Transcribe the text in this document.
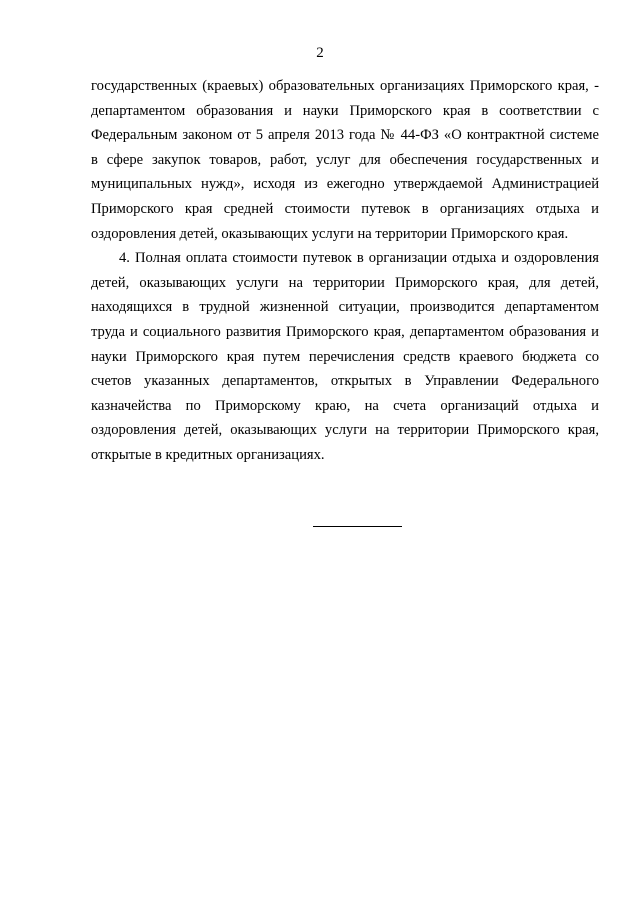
2
государственных (краевых) образовательных организациях Приморского края, -
департаментом образования и науки Приморского края в соответствии с
Федеральным законом от 5 апреля 2013 года № 44-ФЗ «О контрактной системе
в сфере закупок товаров, работ, услуг для обеспечения государственных и
муниципальных нужд», исходя из ежегодно утверждаемой Администрацией
Приморского края средней стоимости путевок в организациях отдыха и
оздоровления детей, оказывающих услуги на территории Приморского края.
4. Полная оплата стоимости путевок в организации отдыха и оздоровления
детей, оказывающих услуги на территории Приморского края, для детей,
находящихся в трудной жизненной ситуации, производится департаментом
труда и социального развития Приморского края, департаментом образования и
науки Приморского края путем перечисления средств краевого бюджета со
счетов указанных департаментов, открытых в Управлении Федерального
казначейства по Приморскому краю, на счета организаций отдыха и
оздоровления детей, оказывающих услуги на территории Приморского края,
открытые в кредитных организациях.
